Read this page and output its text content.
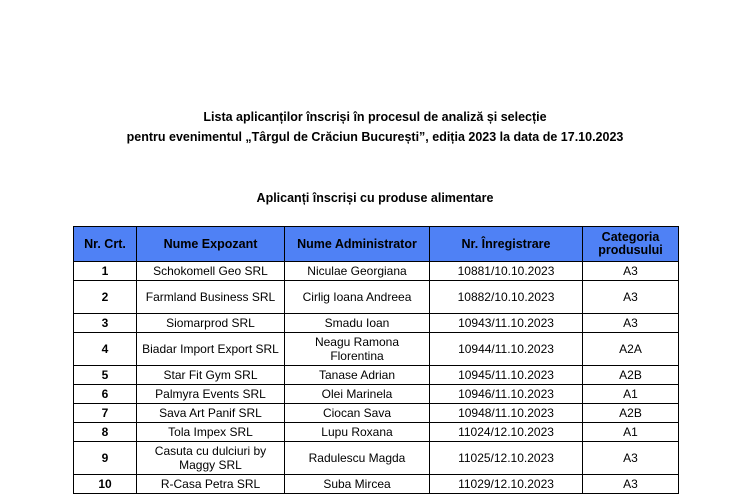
Lista aplicanților înscriși în procesul de analiză și selecție
pentru evenimentul „Târgul de Crăciun București”, ediția 2023 la data de 17.10.2023
Aplicanți înscriși cu produse alimentare
Nr. Crt.	Nume Expozant	Nume Administrator	Nr. Înregistrare	Categoria produsului
1	Schokomell Geo SRL	Niculae Georgiana	10881/10.10.2023	A3
2	Farmland Business SRL	Cirlig Ioana Andreea	10882/10.10.2023	A3
3	Siomarprod SRL	Smadu Ioan	10943/11.10.2023	A3
4	Biadar Import Export SRL	Neagu Ramona Florentina	10944/11.10.2023	A2A
5	Star Fit Gym SRL	Tanase Adrian	10945/11.10.2023	A2B
6	Palmyra Events SRL	Olei Marinela	10946/11.10.2023	A1
7	Sava Art Panif SRL	Ciocan Sava	10948/11.10.2023	A2B
8	Tola Impex SRL	Lupu Roxana	11024/12.10.2023	A1
9	Casuta cu dulciuri by Maggy SRL	Radulescu Magda	11025/12.10.2023	A3
10	R-Casa Petra SRL	Suba Mircea	11029/12.10.2023	A3
